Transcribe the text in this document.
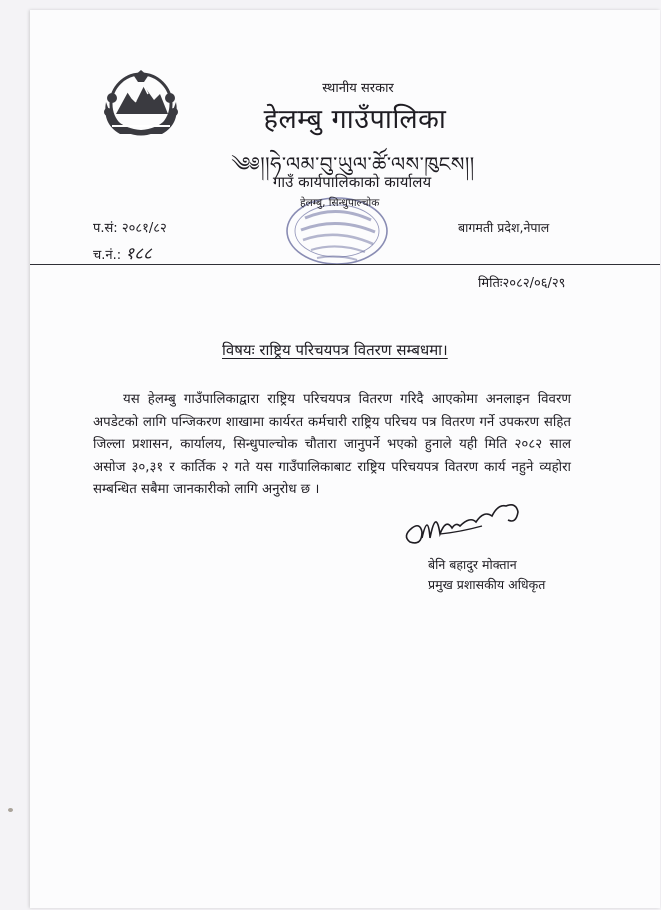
स्थानीय सरकार
हेलम्बु गाउँपालिका
༄༅།།ཧེ་ལམ་བུ་ཡུལ་ཚོ་ལས་ཁུངས།།
गाउँ कार्यपालिकाको कार्यालय
हेलम्बु, सिन्धुपाल्चोक
प.सं: २०८१/८२
च.नं.: १८८
बागमती प्रदेश,नेपाल
मितिः२०८२/०६/२९
विषयः राष्ट्रिय परिचयपत्र वितरण सम्बधमा।
यस हेलम्बु गाउँपालिकाद्वारा राष्ट्रिय परिचयपत्र वितरण गरिदै आएकोमा अनलाइन विवरण अपडेटको लागि पन्जिकरण शाखामा कार्यरत कर्मचारी राष्ट्रिय परिचय पत्र वितरण गर्ने उपकरण सहित जिल्ला प्रशासन, कार्यालय, सिन्धुपाल्चोक चौतारा जानुपर्ने भएको हुनाले यही मिति २०८२ साल असोज ३०,३१ र कार्तिक २ गते यस गाउँपालिकाबाट राष्ट्रिय परिचयपत्र वितरण कार्य नहुने व्यहोरा सम्बन्धित सबैमा जानकारीको लागि अनुरोध छ ।
बेनि बहादुर मोक्तान
प्रमुख प्रशासकीय अधिकृत
